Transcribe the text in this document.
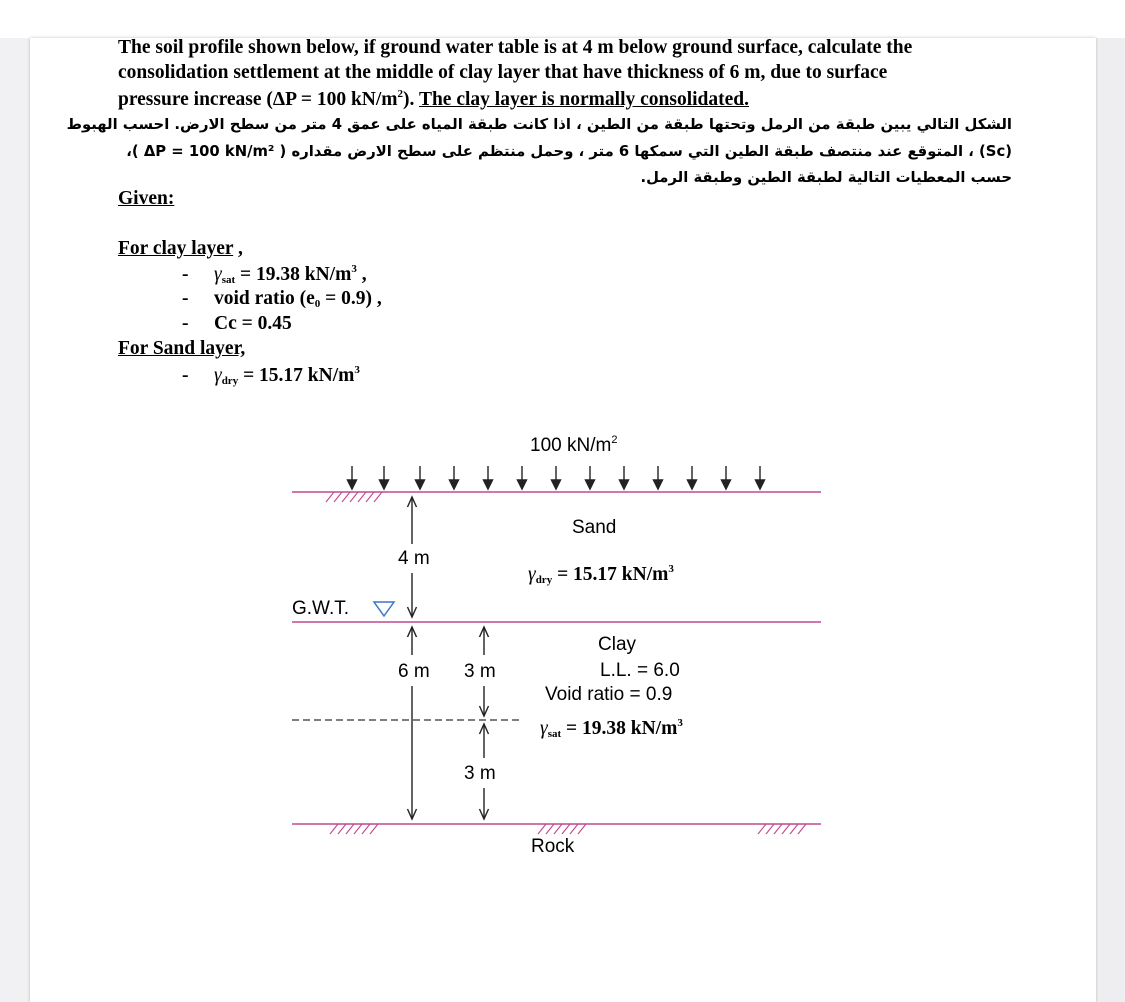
The soil profile shown below, if ground water table is at 4 m below ground surface, calculate the
consolidation settlement at the middle of clay layer that have thickness of 6 m, due to surface
pressure increase (ΔP = 100 $kN/m^2$). The clay layer is normally consolidated.
الشكل التالي يبين طبقة من الرمل وتحتها طبقة من الطين ، اذا كانت طبقة المياه على عمق 4 متر من سطح الارض. احسب الهبوط
(Sc) ، المتوقع عند منتصف طبقة الطين التي سمكها 6 متر ، وحمل منتظم على سطح الارض مقداره ( ΔP = 100 kN/m² )،
حسب المعطيات التالية لطبقة الطين وطبقة الرمل.
Given:
For clay layer ,
- $\gamma_{sat} = 19.38$ $kN/m^3$ ,
- void ratio $(e_0 = 0.9)$ ,
- Cc = 0.45
For Sand layer,
- $\gamma_{dry} = 15.17$ $kN/m^3$
100 $kN/m^2$
Sand
$\gamma_{dry} = 15.17$ $kN/m^3$
4 m
G.W.T.
6 m 3 m
3 m
Clay
L.L. = 6.0
Void ratio = 0.9
$\gamma_{sat} = 19.38$ $kN/m^3$
Rock
